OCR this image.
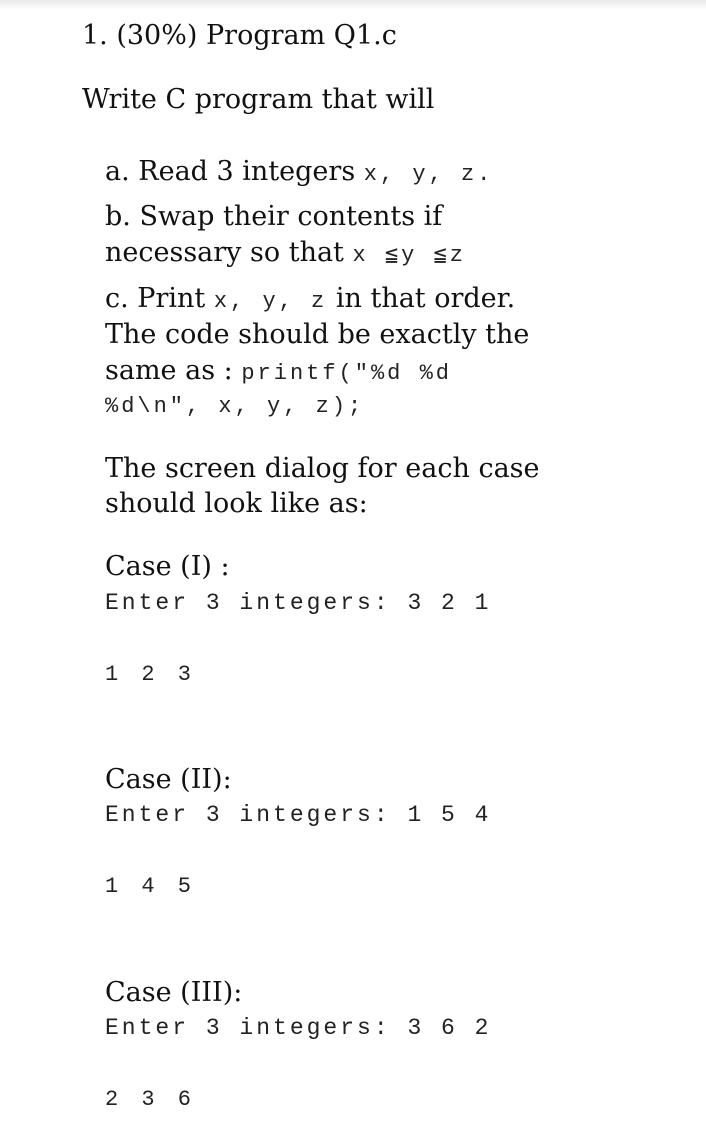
1. (30%) Program Q1.c
Write C program that will
a. Read 3 integers x, y, z.
b. Swap their contents if
necessary so that x ≦y ≦z
c. Print x, y, z in that order.
The code should be exactly the
same as : printf("%d %d
%d\n", x, y, z);
The screen dialog for each case
should look like as:
Case (I) :
Enter 3 integers: 3 2 1
1 2 3
Case (II):
Enter 3 integers: 1 5 4
1 4 5
Case (III):
Enter 3 integers: 3 6 2
2 3 6
